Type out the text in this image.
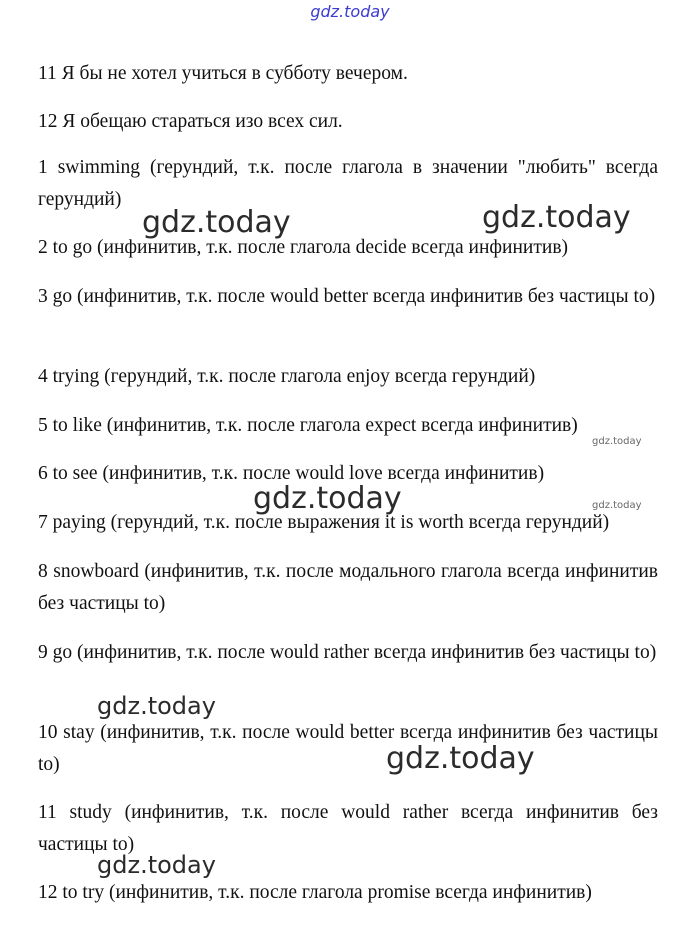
gdz.today

11 Я бы не хотел учиться в субботу вечером.

12 Я обещаю стараться изо всех сил.

1 swimming (герундий, т.к. после глагола в значении "любить" всегда герундий)

2 to go (инфинитив, т.к. после глагола decide всегда инфинитив)

3 go (инфинитив, т.к. после would better всегда инфинитив без частицы to)

4 trying (герундий, т.к. после глагола enjoy всегда герундий)

5 to like (инфинитив, т.к. после глагола expect всегда инфинитив)

6 to see (инфинитив, т.к. после would love всегда инфинитив)

7 paying (герундий, т.к. после выражения it is worth всегда герундий)

8 snowboard (инфинитив, т.к. после модального глагола всегда инфинитив без частицы to)

9 go (инфинитив, т.к. после would rather всегда инфинитив без частицы to)

10 stay (инфинитив, т.к. после would better всегда инфинитив без частицы to)

11 study (инфинитив, т.к. после would rather всегда инфинитив без частицы to)

12 to try (инфинитив, т.к. после глагола promise всегда инфинитив)

gdz.today	gdz.today
gdz.today
gdz.today	gdz.today
gdz.today
gdz.today
gdz.today
